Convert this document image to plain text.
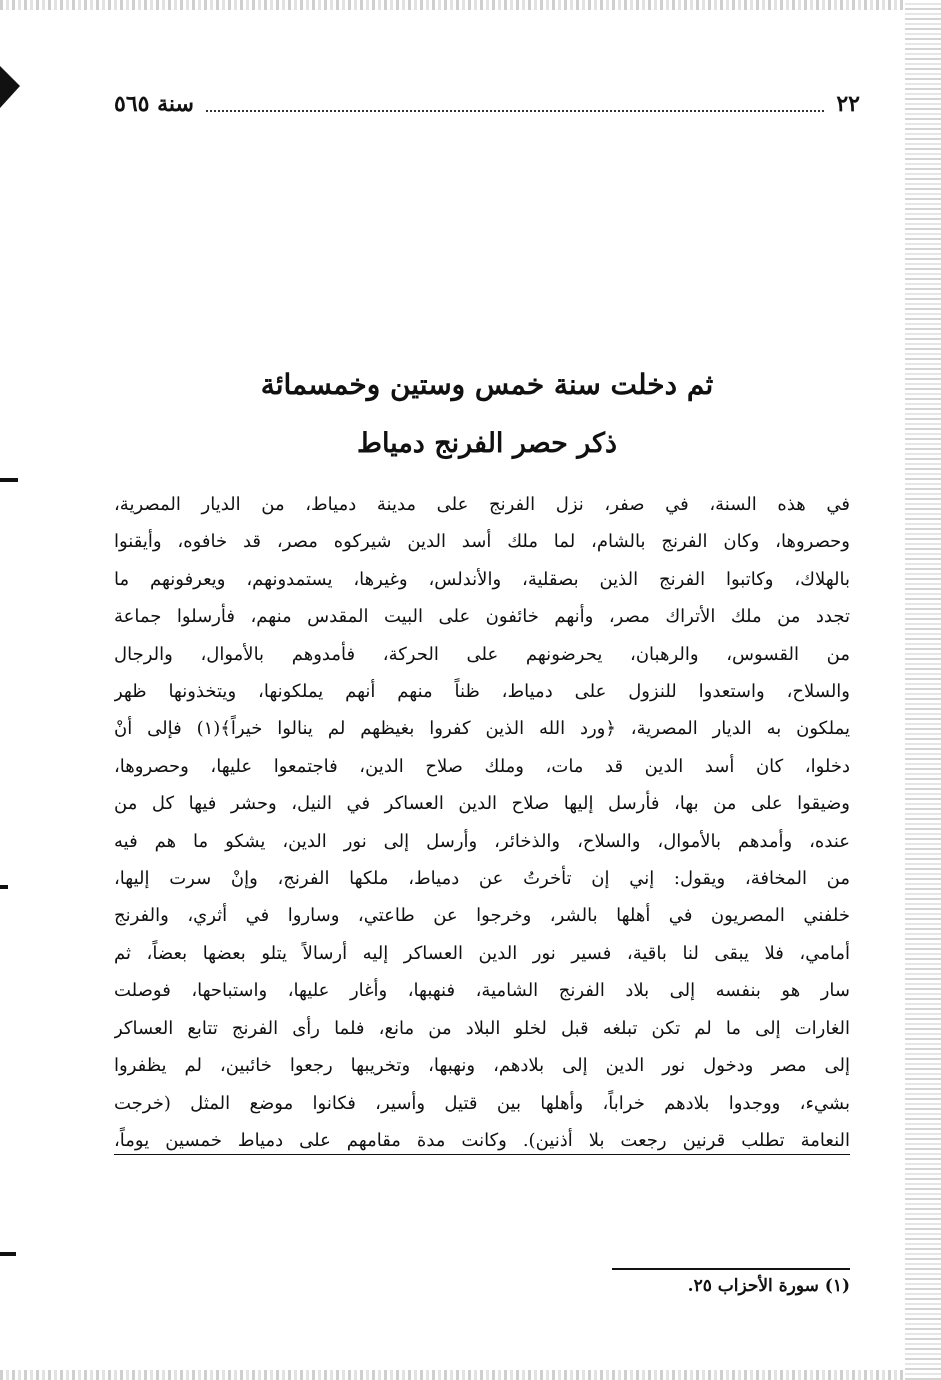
٢٢
سنة ٥٦٥
ثم دخلت سنة خمس وستين وخمسمائة
ذكر حصر الفرنج دمياط

في هذه السنة، في صفر، نزل الفرنج على مدينة دمياط، من الديار المصرية،

وحصروها، وكان الفرنج بالشام، لما ملك أسد الدين شيركوه مصر، قد خافوه، وأيقنوا

بالهلاك، وكاتبوا الفرنج الذين بصقلية، والأندلس، وغيرها، يستمدونهم، ويعرفونهم ما

تجدد من ملك الأتراك مصر، وأنهم خائفون على البيت المقدس منهم، فأرسلوا جماعة

من القسوس، والرهبان، يحرضونهم على الحركة، فأمدوهم بالأموال، والرجال

والسلاح، واستعدوا للنزول على دمياط، ظناً منهم أنهم يملكونها، ويتخذونها ظهر

يملكون به الديار المصرية، ﴿ورد الله الذين كفروا بغيظهم لم ينالوا خيراً﴾(١) فإلى أنْ

دخلوا، كان أسد الدين قد مات، وملك صلاح الدين، فاجتمعوا عليها، وحصروها،

وضيقوا على من بها، فأرسل إليها صلاح الدين العساكر في النيل، وحشر فيها كل من

عنده، وأمدهم بالأموال، والسلاح، والذخائر، وأرسل إلى نور الدين، يشكو ما هم فيه

من المخافة، ويقول: إني إن تأخرتُ عن دمياط، ملكها الفرنج، وإنْ سرت إليها،

خلفني المصريون في أهلها بالشر، وخرجوا عن طاعتي، وساروا في أثري، والفرنج

أمامي، فلا يبقى لنا باقية، فسير نور الدين العساكر إليه أرسالاً يتلو بعضها بعضاً، ثم

سار هو بنفسه إلى بلاد الفرنج الشامية، فنهبها، وأغار عليها، واستباحها، فوصلت

الغارات إلى ما لم تكن تبلغه قبل لخلو البلاد من مانع، فلما رأى الفرنج تتابع العساكر

إلى مصر ودخول نور الدين إلى بلادهم، ونهبها، وتخريبها رجعوا خائبين، لم يظفروا

بشيء، ووجدوا بلادهم خراباً، وأهلها بين قتيل وأسير، فكانوا موضع المثل (خرجت

النعامة تطلب قرنين رجعت بلا أذنين). وكانت مدة مقامهم على دمياط خمسين يوماً،

(١) سورة الأحزاب ٢٥.
